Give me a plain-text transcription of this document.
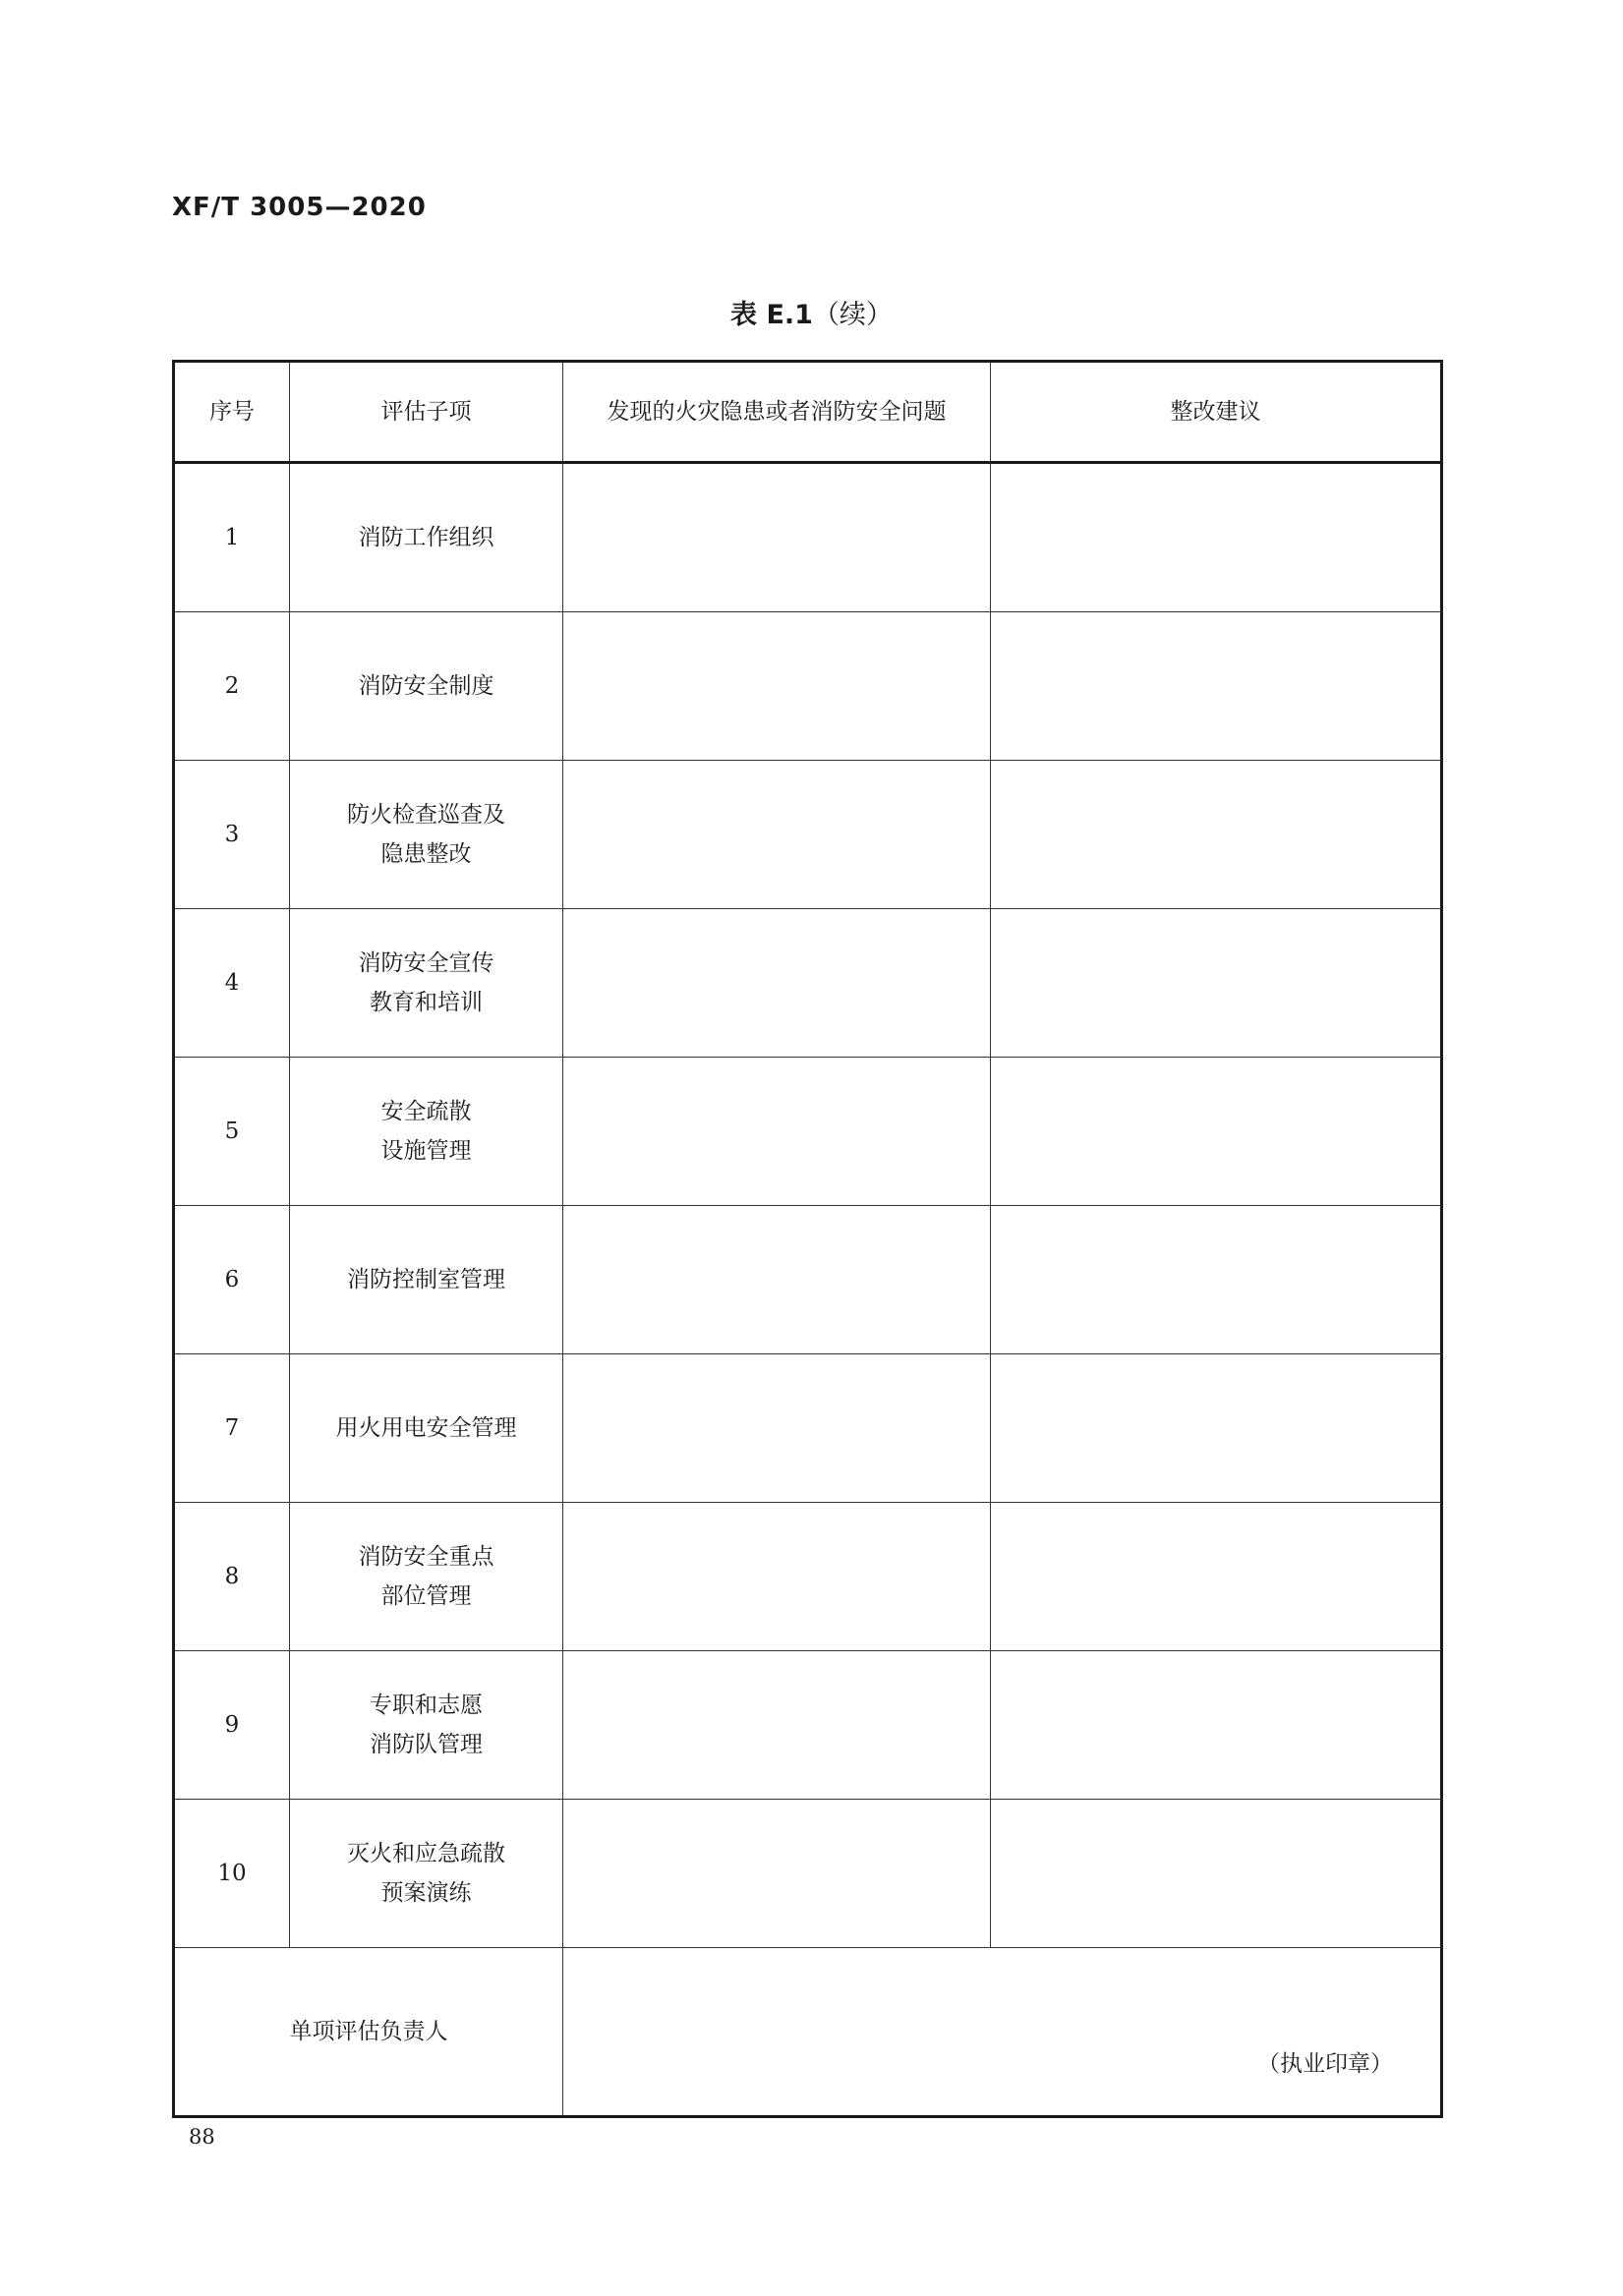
XF/T 3005—2020
表 E.1（续）
序号	评估子项	发现的火灾隐患或者消防安全问题	整改建议
1	消防工作组织		

2	消防安全制度		

3	防火检查巡查及
隐患整改		

4	消防安全宣传
教育和培训		

5	安全疏散
设施管理		

6	消防控制室管理		

7	用火用电安全管理		

8	消防安全重点
部位管理		

9	专职和志愿
消防队管理		

10	灭火和应急疏散
预案演练		

单项评估负责人		（执业印章）	
88
